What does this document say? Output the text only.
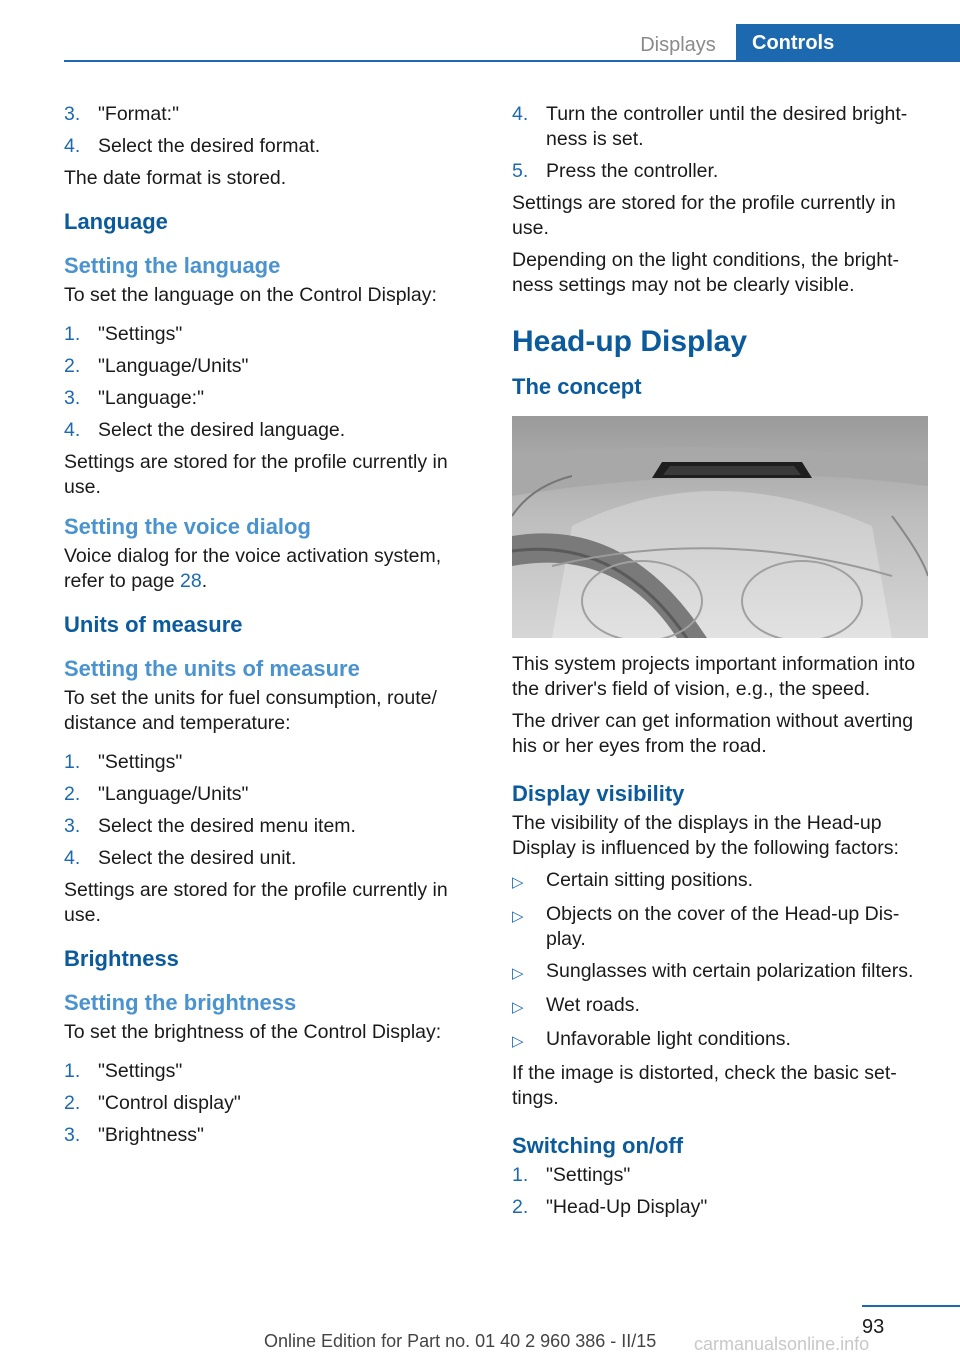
Displays	Controls
3. "Format:"
4. Select the desired format.

The date format is stored.

Language
Setting the language

To set the language on the Control Display:

1. "Settings"
2. "Language/Units"
3. "Language:"
4. Select the desired language.

Settings are stored for the profile currently in use.

Setting the voice dialog

Voice dialog for the voice activation system, refer to page 28.

Units of measure
Setting the units of measure

To set the units for fuel consumption, route/ distance and temperature:

1. "Settings"
2. "Language/Units"
3. Select the desired menu item.
4. Select the desired unit.

Settings are stored for the profile currently in use.

Brightness
Setting the brightness

To set the brightness of the Control Display:

1. "Settings"
2. "Control display"
3. "Brightness"
4. Turn the controller until the desired bright‐ ness is set.
5. Press the controller.

Settings are stored for the profile currently in use.

Depending on the light conditions, the bright‐ ness settings may not be clearly visible.

Head-up Display
The concept

This system projects important information into the driver's field of vision, e.g., the speed.

The driver can get information without averting his or her eyes from the road.

Display visibility

The visibility of the displays in the Head-up Display is influenced by the following factors:

▷	Certain sitting positions.
▷	Objects on the cover of the Head-up Dis‐ play.
▷	Sunglasses with certain polarization filters.
▷	Wet roads.
▷	Unfavorable light conditions.

If the image is distorted, check the basic set‐ tings.

Switching on/off
1. "Settings"
2. "Head-Up Display"
93
Online Edition for Part no. 01 40 2 960 386 - II/15 carmanualsonline.info
